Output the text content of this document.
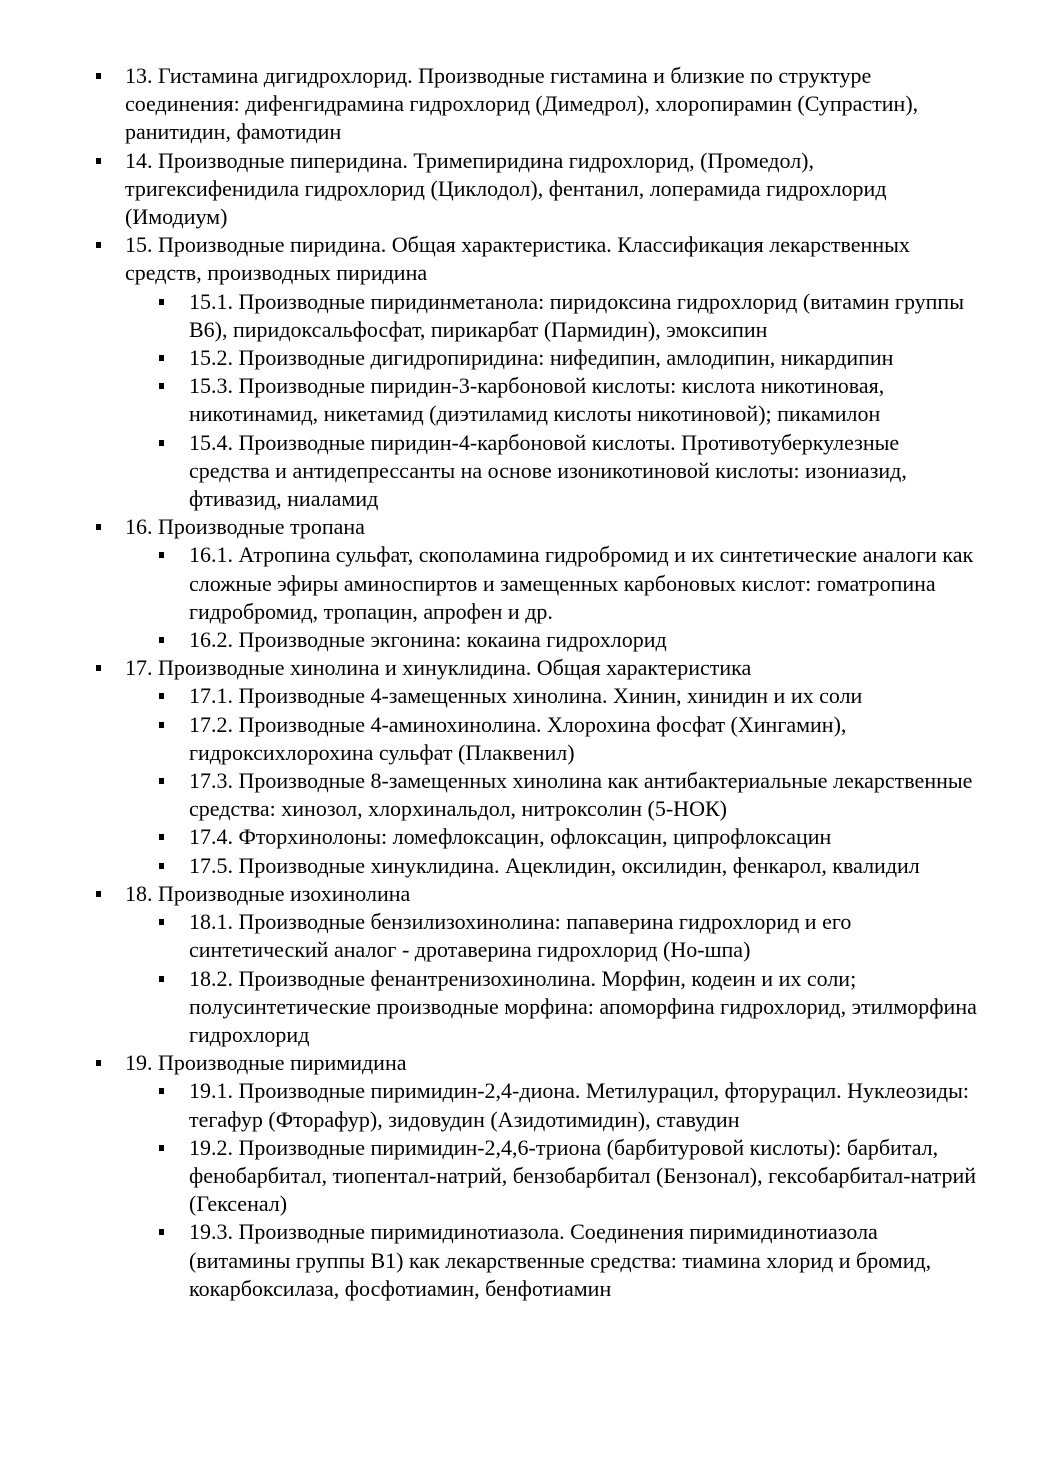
13. Гистамина дигидрохлорид. Производные гистамина и близкие по структуре соединения: дифенгидрамина гидрохлорид (Димедрол), хлоропирамин (Супрастин), ранитидин, фамотидин
14. Производные пиперидина. Тримепиридина гидрохлорид, (Промедол), тригексифенидила гидрохлорид (Циклодол), фентанил, лоперамида гидрохлорид (Имодиум)
15. Производные пиридина. Общая характеристика. Классификация лекарственных средств, производных пиридина
15.1. Производные пиридинметанола: пиридоксина гидрохлорид (витамин группы В6), пиридоксальфосфат, пирикарбат (Пармидин), эмоксипин
15.2. Производные дигидропиридина: нифедипин, амлодипин, никардипин
15.3. Производные пиридин-3-карбоновой кислоты: кислота никотиновая, никотинамид, никетамид (диэтиламид кислоты никотиновой); пикамилон
15.4. Производные пиридин-4-карбоновой кислоты. Противотуберкулезные средства и антидепрессанты на основе изоникотиновой кислоты: изониазид, фтивазид, ниаламид
16. Производные тропана
16.1. Атропина сульфат, скополамина гидробромид и их синтетические аналоги как сложные эфиры аминоспиртов и замещенных карбоновых кислот: гоматропина гидробромид, тропацин, апрофен и др.
16.2. Производные экгонина: кокаина гидрохлорид
17. Производные хинолина и хинуклидина. Общая характеристика
17.1. Производные 4-замещенных хинолина. Хинин, хинидин и их соли
17.2. Производные 4-аминохинолина. Хлорохина фосфат (Хингамин), гидроксихлорохина сульфат (Плаквенил)
17.3. Производные 8-замещенных хинолина как антибактериальные лекарственные средства: хинозол, хлорхинальдол, нитроксолин (5-НОК)
17.4. Фторхинолоны: ломефлоксацин, офлоксацин, ципрофлоксацин
17.5. Производные хинуклидина. Ацеклидин, оксилидин, фенкарол, квалидил
18. Производные изохинолина
18.1. Производные бензилизохинолина: папаверина гидрохлорид и его синтетический аналог - дротаверина гидрохлорид (Но-шпа)
18.2. Производные фенантренизохинолина. Морфин, кодеин и их соли; полусинтетические производные морфина: апоморфина гидрохлорид, этилморфина гидрохлорид
19. Производные пиримидина
19.1. Производные пиримидин-2,4-диона. Метилурацил, фторурацил. Нуклеозиды: тегафур (Фторафур), зидовудин (Азидотимидин), ставудин
19.2. Производные пиримидин-2,4,6-триона (барбитуровой кислоты): барбитал, фенобарбитал, тиопентал-натрий, бензобарбитал (Бензонал), гексобарбитал-натрий (Гексенал)
19.3. Производные пиримидинотиазола. Соединения пиримидинотиазола (витамины группы В1) как лекарственные средства: тиамина хлорид и бромид, кокарбоксилаза, фосфотиамин, бенфотиамин
